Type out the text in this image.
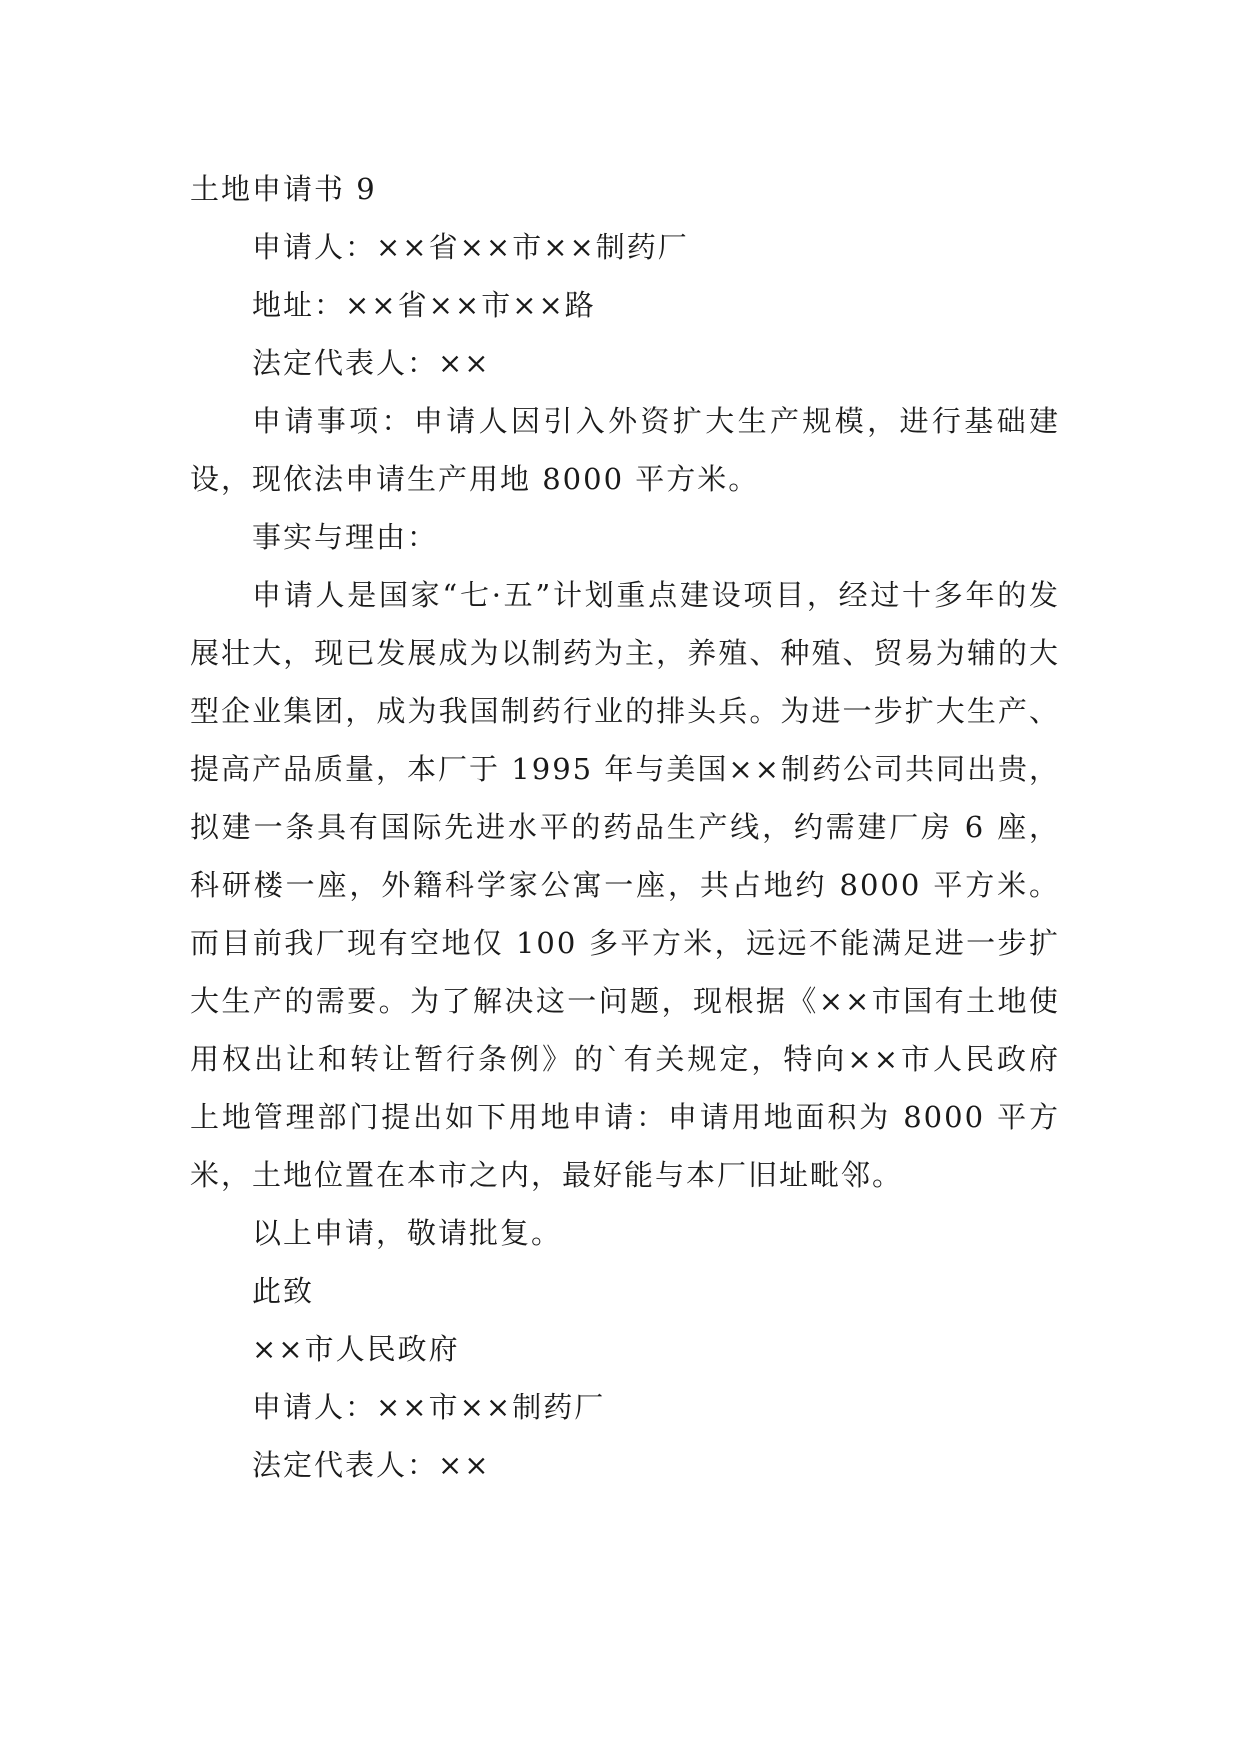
土地申请书 9

申请人：××省××市××制药厂

地址：××省××市××路

法定代表人：××

申请事项：申请人因引入外资扩大生产规模，进行基础建设，现依法申请生产用地 8000 平方米。

事实与理由：

申请人是国家“七·五”计划重点建设项目，经过十多年的发展壮大，现已发展成为以制药为主，养殖、种殖、贸易为辅的大型企业集团，成为我国制药行业的排头兵。为进一步扩大生产、提高产品质量，本厂于 1995 年与美国××制药公司共同出贵，拟建一条具有国际先进水平的药品生产线，约需建厂房 6 座，科研楼一座，外籍科学家公寓一座，共占地约 8000 平方米。而目前我厂现有空地仅 100 多平方米，远远不能满足进一步扩大生产的需要。为了解决这一问题，现根据《××市国有土地使用权出让和转让暂行条例》的`有关规定，特向××市人民政府上地管理部门提出如下用地申请：申请用地面积为 8000 平方米，土地位置在本市之内，最好能与本厂旧址毗邻。

以上申请，敬请批复。

此致

××市人民政府

申请人：××市××制药厂

法定代表人：××
